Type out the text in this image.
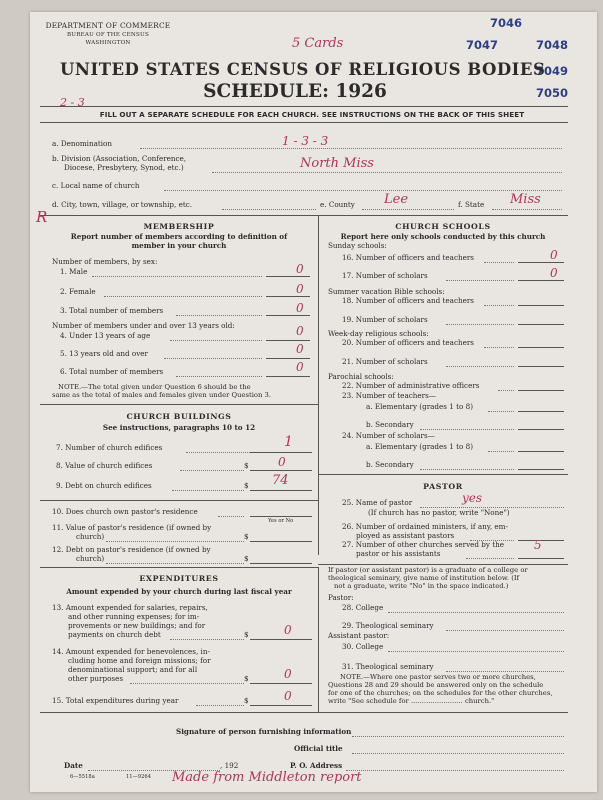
DEPARTMENT OF COMMERCE
BUREAU OF THE CENSUS
WASHINGTON	5 Cards
7046
7047	7048
7049
7050
UNITED STATES CENSUS OF RELIGIOUS BODIES
SCHEDULE: 1926
2 - 3
FILL OUT A SEPARATE SCHEDULE FOR EACH CHURCH. SEE INSTRUCTIONS ON THE BACK OF THIS SHEET
a. Denomination	1 - 3 - 3
b. Division (Association, Conference,
Diocese, Presbytery, Synod, etc.)	North Miss
c. Local name of church
d. City, town, village, or township, etc.	e. County Lee	f. State Miss
R
MEMBERSHIP
Report number of members according to definition of
member in your church
Number of members, by sex:
1. Male	0
2. Female	0
3. Total number of members	0
Number of members under and over 13 years old:
4. Under 13 years of age	0
5. 13 years old and over	0
6. Total number of members	0
NOTE.—The total given under Question 6 should be the
same as the total of males and females given under Question 3.
CHURCH BUILDINGS
See instructions, paragraphs 10 to 12
7. Number of church edifices	1
8. Value of church edifices	$ 0
9. Debt on church edifices	$ 74
10. Does church own pastor's residence
Yes or No
11. Value of pastor's residence (if owned by
church)	$
12. Debt on pastor's residence (if owned by
church)	$
EXPENDITURES
Amount expended by your church during last fiscal year
13. Amount expended for salaries, repairs,
and other running expenses; for im-
provements or new buildings; and for
payments on church debt	$	0
14. Amount expended for benevolences, in-
cluding home and foreign missions; for
denominational support; and for all
other purposes	$	0
15. Total expenditures during year	$	0
CHURCH SCHOOLS
Report here only schools conducted by this church
Sunday schools:
16. Number of officers and teachers	0
17. Number of scholars	0
Summer vacation Bible schools:
18. Number of officers and teachers
19. Number of scholars
Week-day religious schools:
20. Number of officers and teachers
21. Number of scholars
Parochial schools:
22. Number of administrative officers
23. Number of teachers—
a. Elementary (grades 1 to 8)
b. Secondary
24. Number of scholars—
a. Elementary (grades 1 to 8)
b. Secondary
PASTOR
25. Name of pastor	yes
(If church has no pastor, write "None")
26. Number of ordained ministers, if any, em-
ployed as assistant pastors
27. Number of other churches served by the
pastor or his assistants
5
If pastor (or assistant pastor) is a graduate of a college or
theological seminary, give name of institution below. (If
not a graduate, write "No" in the space indicated.)
Pastor:
28. College
29. Theological seminary
Assistant pastor:
30. College
31. Theological seminary
NOTE.—Where one pastor serves two or more churches,
Questions 28 and 29 should be answered only on the schedule
for one of the churches; on the schedules for the other churches,
write "See schedule for ........................ church."
Signature of person furnishing information
Official title
Date	, 192	P. O. Address
6—5518a	11—9264 Made from Middleton report
